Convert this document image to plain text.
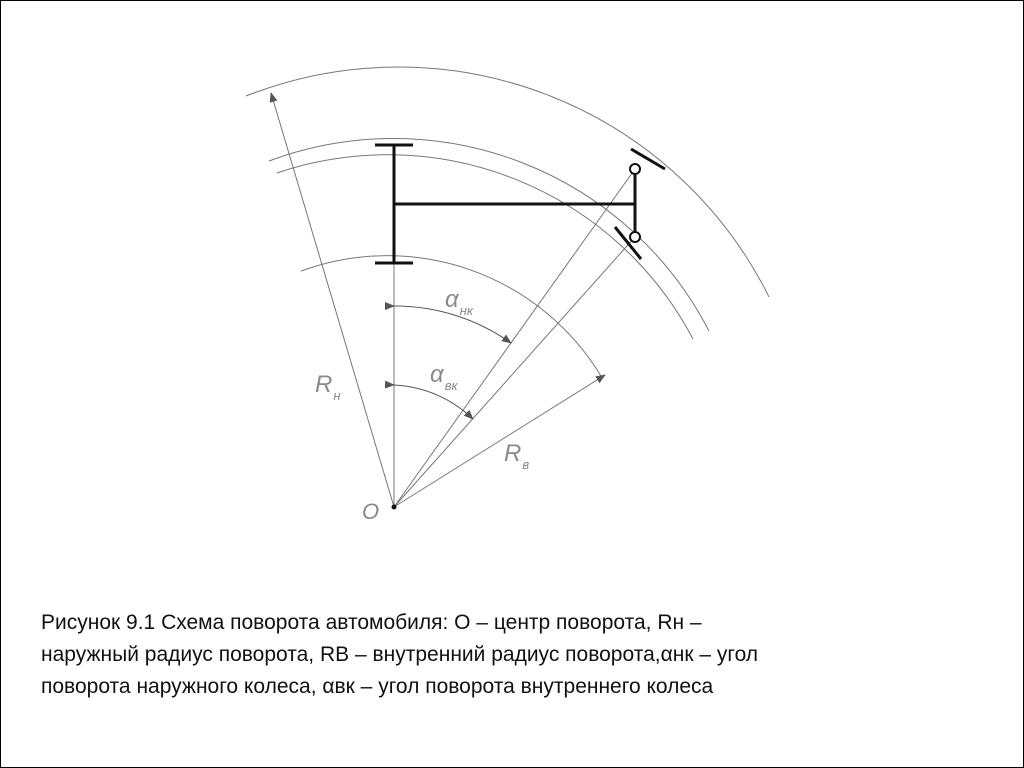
O
$R_н$
$R_в$
$\alpha_{нк}$
$\alpha_{вк}$
Рисунок 9.1 Схема поворота автомобиля: О – центр поворота, Rн –
наружный радиус поворота, RВ – внутренний радиус поворота,αнк – угол
поворота наружного колеса, αвк – угол поворота внутреннего колеса
